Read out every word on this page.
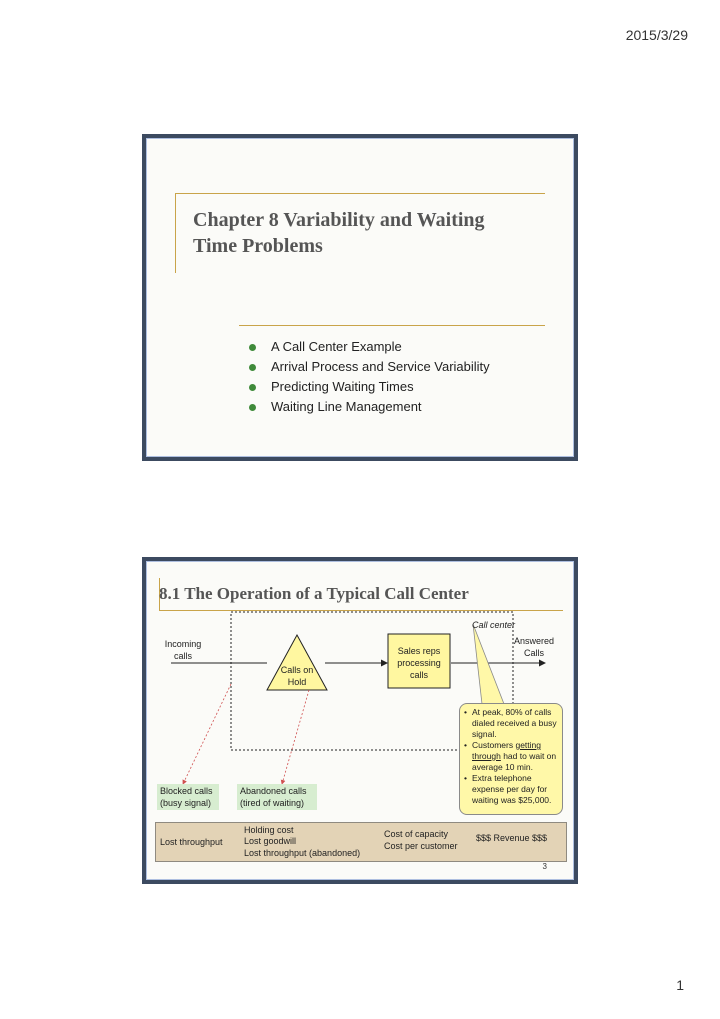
2015/3/29
Chapter 8 Variability and Waiting Time Problems
A Call Center Example
Arrival Process and Service Variability
Predicting Waiting Times
Waiting Line Management
8.1 The Operation of a Typical Call Center
Call center
Incoming calls
Answered Calls
Calls on Hold
Sales reps processing calls
Blocked calls (busy signal)
Abandoned calls (tired of waiting)
• At peak, 80% of calls dialed received a busy signal.
• Customers getting through had to wait on average 10 min.
• Extra telephone expense per day for waiting was $25,000.
Lost throughput
Holding cost
Lost goodwill
Lost throughput (abandoned)
Cost of capacity
Cost per customer
$$$ Revenue $$$
3
1
